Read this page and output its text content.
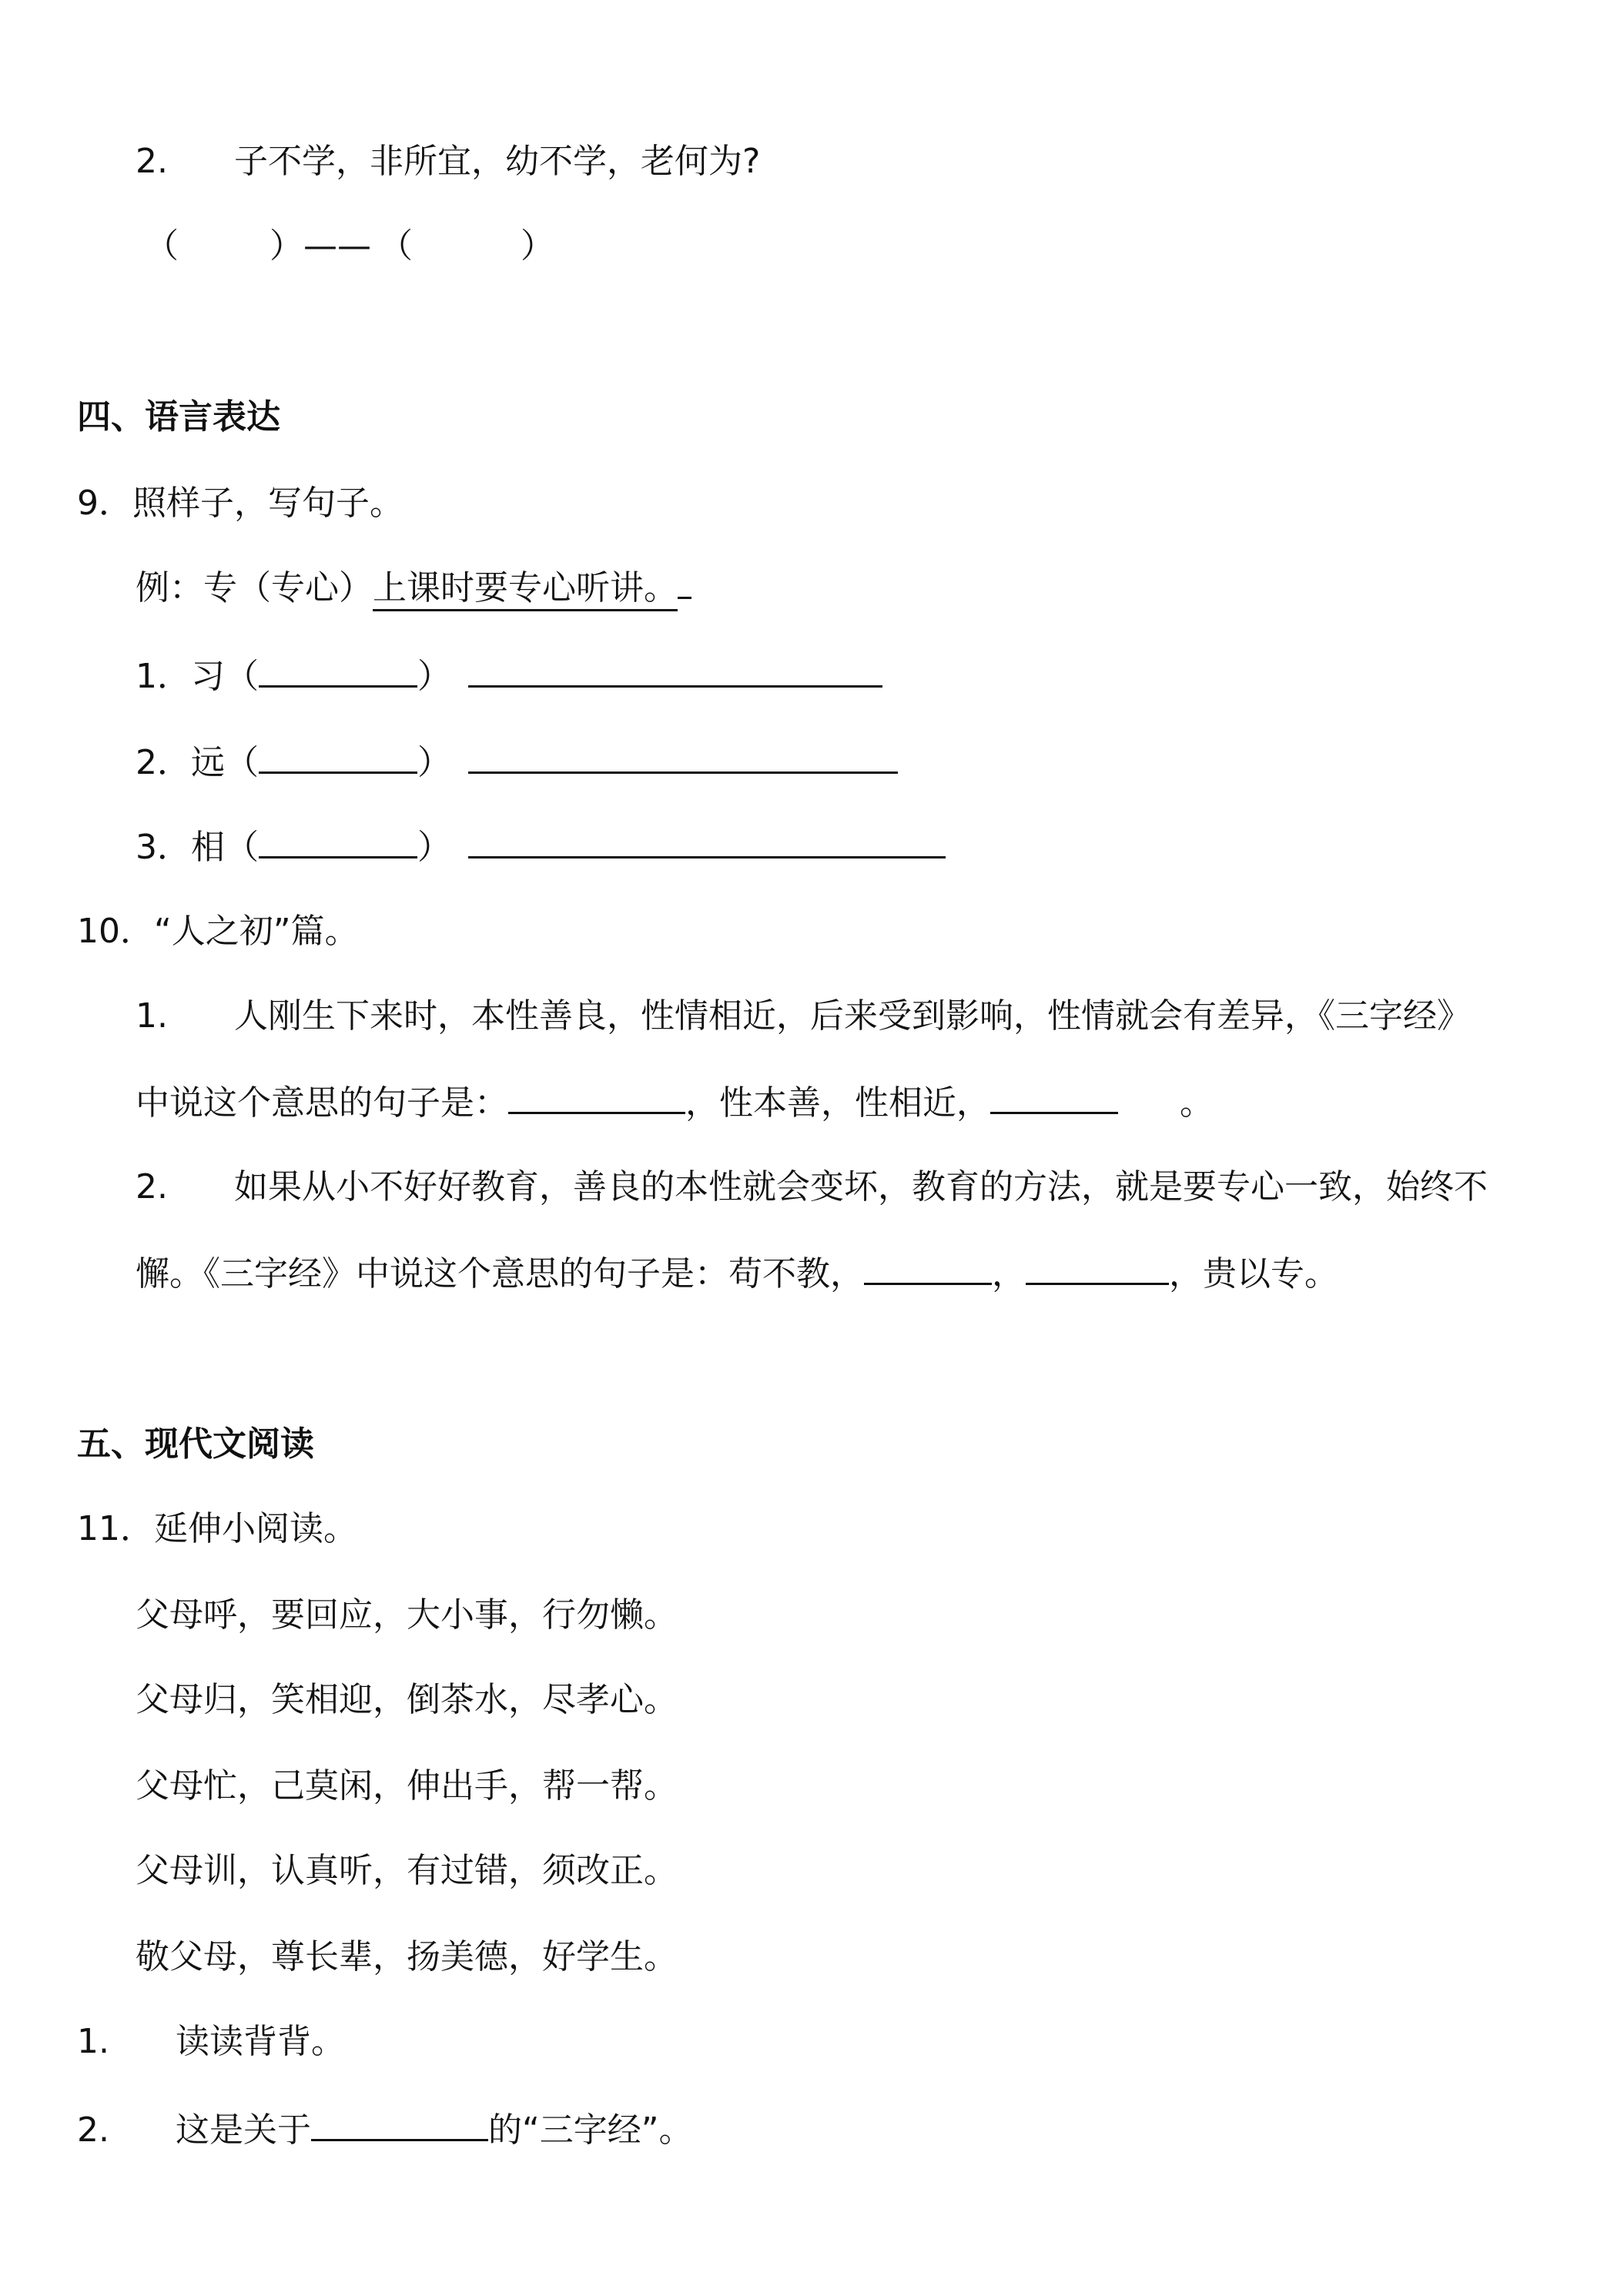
2. 子不学，非所宜，幼不学，老何为?
（	）—— （	）
四、语言表达
9．照样子，写句子。
例：专（专心）上课时要专心听讲。
1．习（	）
2．远（	）
3．相（	）
10．“人之初”篇。
1. 人刚生下来时，本性善良，性情相近，后来受到影响，性情就会有差异，《三字经》
中说这个意思的句子是：	，性本善，性相近，	。
2. 如果从小不好好教育，善良的本性就会变坏，教育的方法，就是要专心一致，始终不
懈。《三字经》中说这个意思的句子是：苟不教，	，	，贵以专。
五、现代文阅读
11．延伸小阅读。
父母呼，要回应，大小事，行勿懒。
父母归，笑相迎，倒茶水，尽孝心。
父母忙，己莫闲，伸出手，帮一帮。
父母训，认真听，有过错，须改正。
敬父母，尊长辈，扬美德，好学生。
1. 读读背背。
2. 这是关于	的“三字经”。
